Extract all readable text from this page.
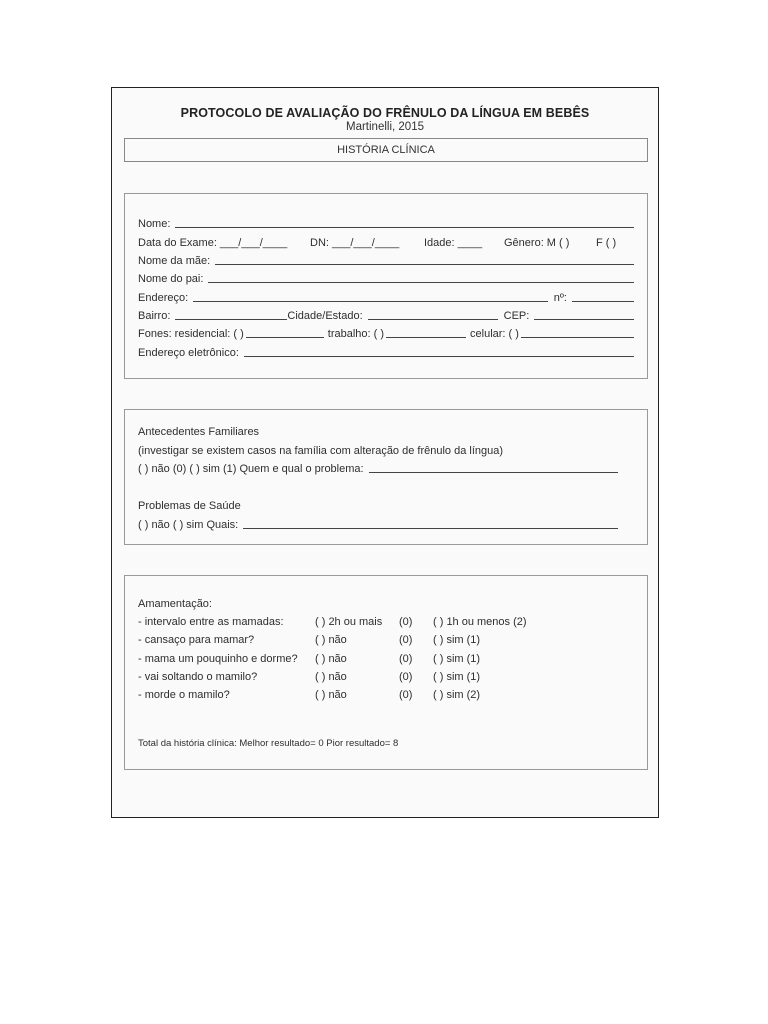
PROTOCOLO DE AVALIAÇÃO DO FRÊNULO DA LÍNGUA EM BEBÊS
Martinelli, 2015
HISTÓRIA CLÍNICA
Nome:
Data do Exame: ___/___/____	DN: ___/___/____	Idade: ____	Gênero: M ( )	F ( )
Nome da mãe:
Nome do pai:
Endereço:	nº:
Bairro:	Cidade/Estado:	CEP:
Fones: residencial: ( )	trabalho: ( )	celular: ( )
Endereço eletrônico:
Antecedentes Familiares
(investigar se existem casos na família com alteração de frênulo da língua)
( ) não (0) ( ) sim (1) Quem e qual o problema:
Problemas de Saúde
( ) não ( ) sim Quais:
Amamentação:
- intervalo entre as mamadas:	( ) 2h ou mais (0) ( ) 1h ou menos (2)
- cansaço para mamar?	( ) não	(0) ( ) sim (1)
- mama um pouquinho e dorme? ( ) não	(0) ( ) sim (1)
- vai soltando o mamilo?	( ) não	(0) ( ) sim (1)
- morde o mamilo?	( ) não	(0) ( ) sim (2)
Total da história clínica: Melhor resultado= 0 Pior resultado= 8
